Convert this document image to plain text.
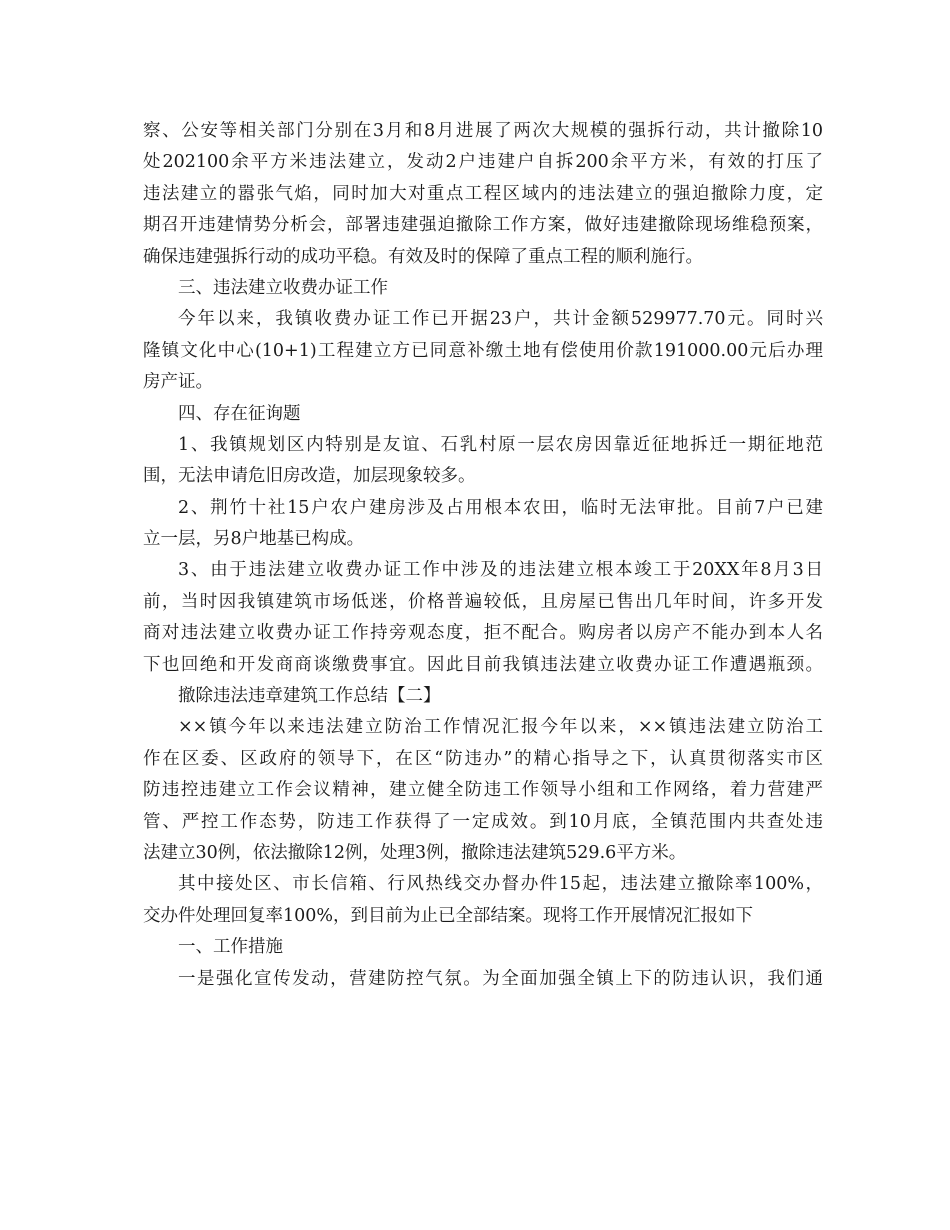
察、公安等相关部门分别在3月和8月进展了两次大规模的强拆行动，共计撤除10
处202100余平方米违法建立，发动2户违建户自拆200余平方米，有效的打压了
违法建立的嚣张气焰，同时加大对重点工程区域内的违法建立的强迫撤除力度，定
期召开违建情势分析会，部署违建强迫撤除工作方案，做好违建撤除现场维稳预案，
确保违建强拆行动的成功平稳。有效及时的保障了重点工程的顺利施行。
三、违法建立收费办证工作
今年以来，我镇收费办证工作已开据23户，共计金额529977.70元。同时兴
隆镇文化中心(10+1)工程建立方已同意补缴土地有偿使用价款191000.00元后办理
房产证。
四、存在征询题
1、我镇规划区内特别是友谊、石乳村原一层农房因靠近征地拆迁一期征地范
围，无法申请危旧房改造，加层现象较多。
2、荆竹十社15户农户建房涉及占用根本农田，临时无法审批。目前7户已建
立一层，另8户地基已构成。
3、由于违法建立收费办证工作中涉及的违法建立根本竣工于20XX年8月3日
前，当时因我镇建筑市场低迷，价格普遍较低，且房屋已售出几年时间，许多开发
商对违法建立收费办证工作持旁观态度，拒不配合。购房者以房产不能办到本人名
下也回绝和开发商商谈缴费事宜。因此目前我镇违法建立收费办证工作遭遇瓶颈。
撤除违法违章建筑工作总结【二】
××镇今年以来违法建立防治工作情况汇报今年以来，××镇违法建立防治工
作在区委、区政府的领导下，在区“防违办”的精心指导之下，认真贯彻落实市区
防违控违建立工作会议精神，建立健全防违工作领导小组和工作网络，着力营建严
管、严控工作态势，防违工作获得了一定成效。到10月底，全镇范围内共查处违
法建立30例，依法撤除12例，处理3例，撤除违法建筑529.6平方米。
其中接处区、市长信箱、行风热线交办督办件15起，违法建立撤除率100%，
交办件处理回复率100%，到目前为止已全部结案。现将工作开展情况汇报如下
一、工作措施
一是强化宣传发动，营建防控气氛。为全面加强全镇上下的防违认识，我们通
